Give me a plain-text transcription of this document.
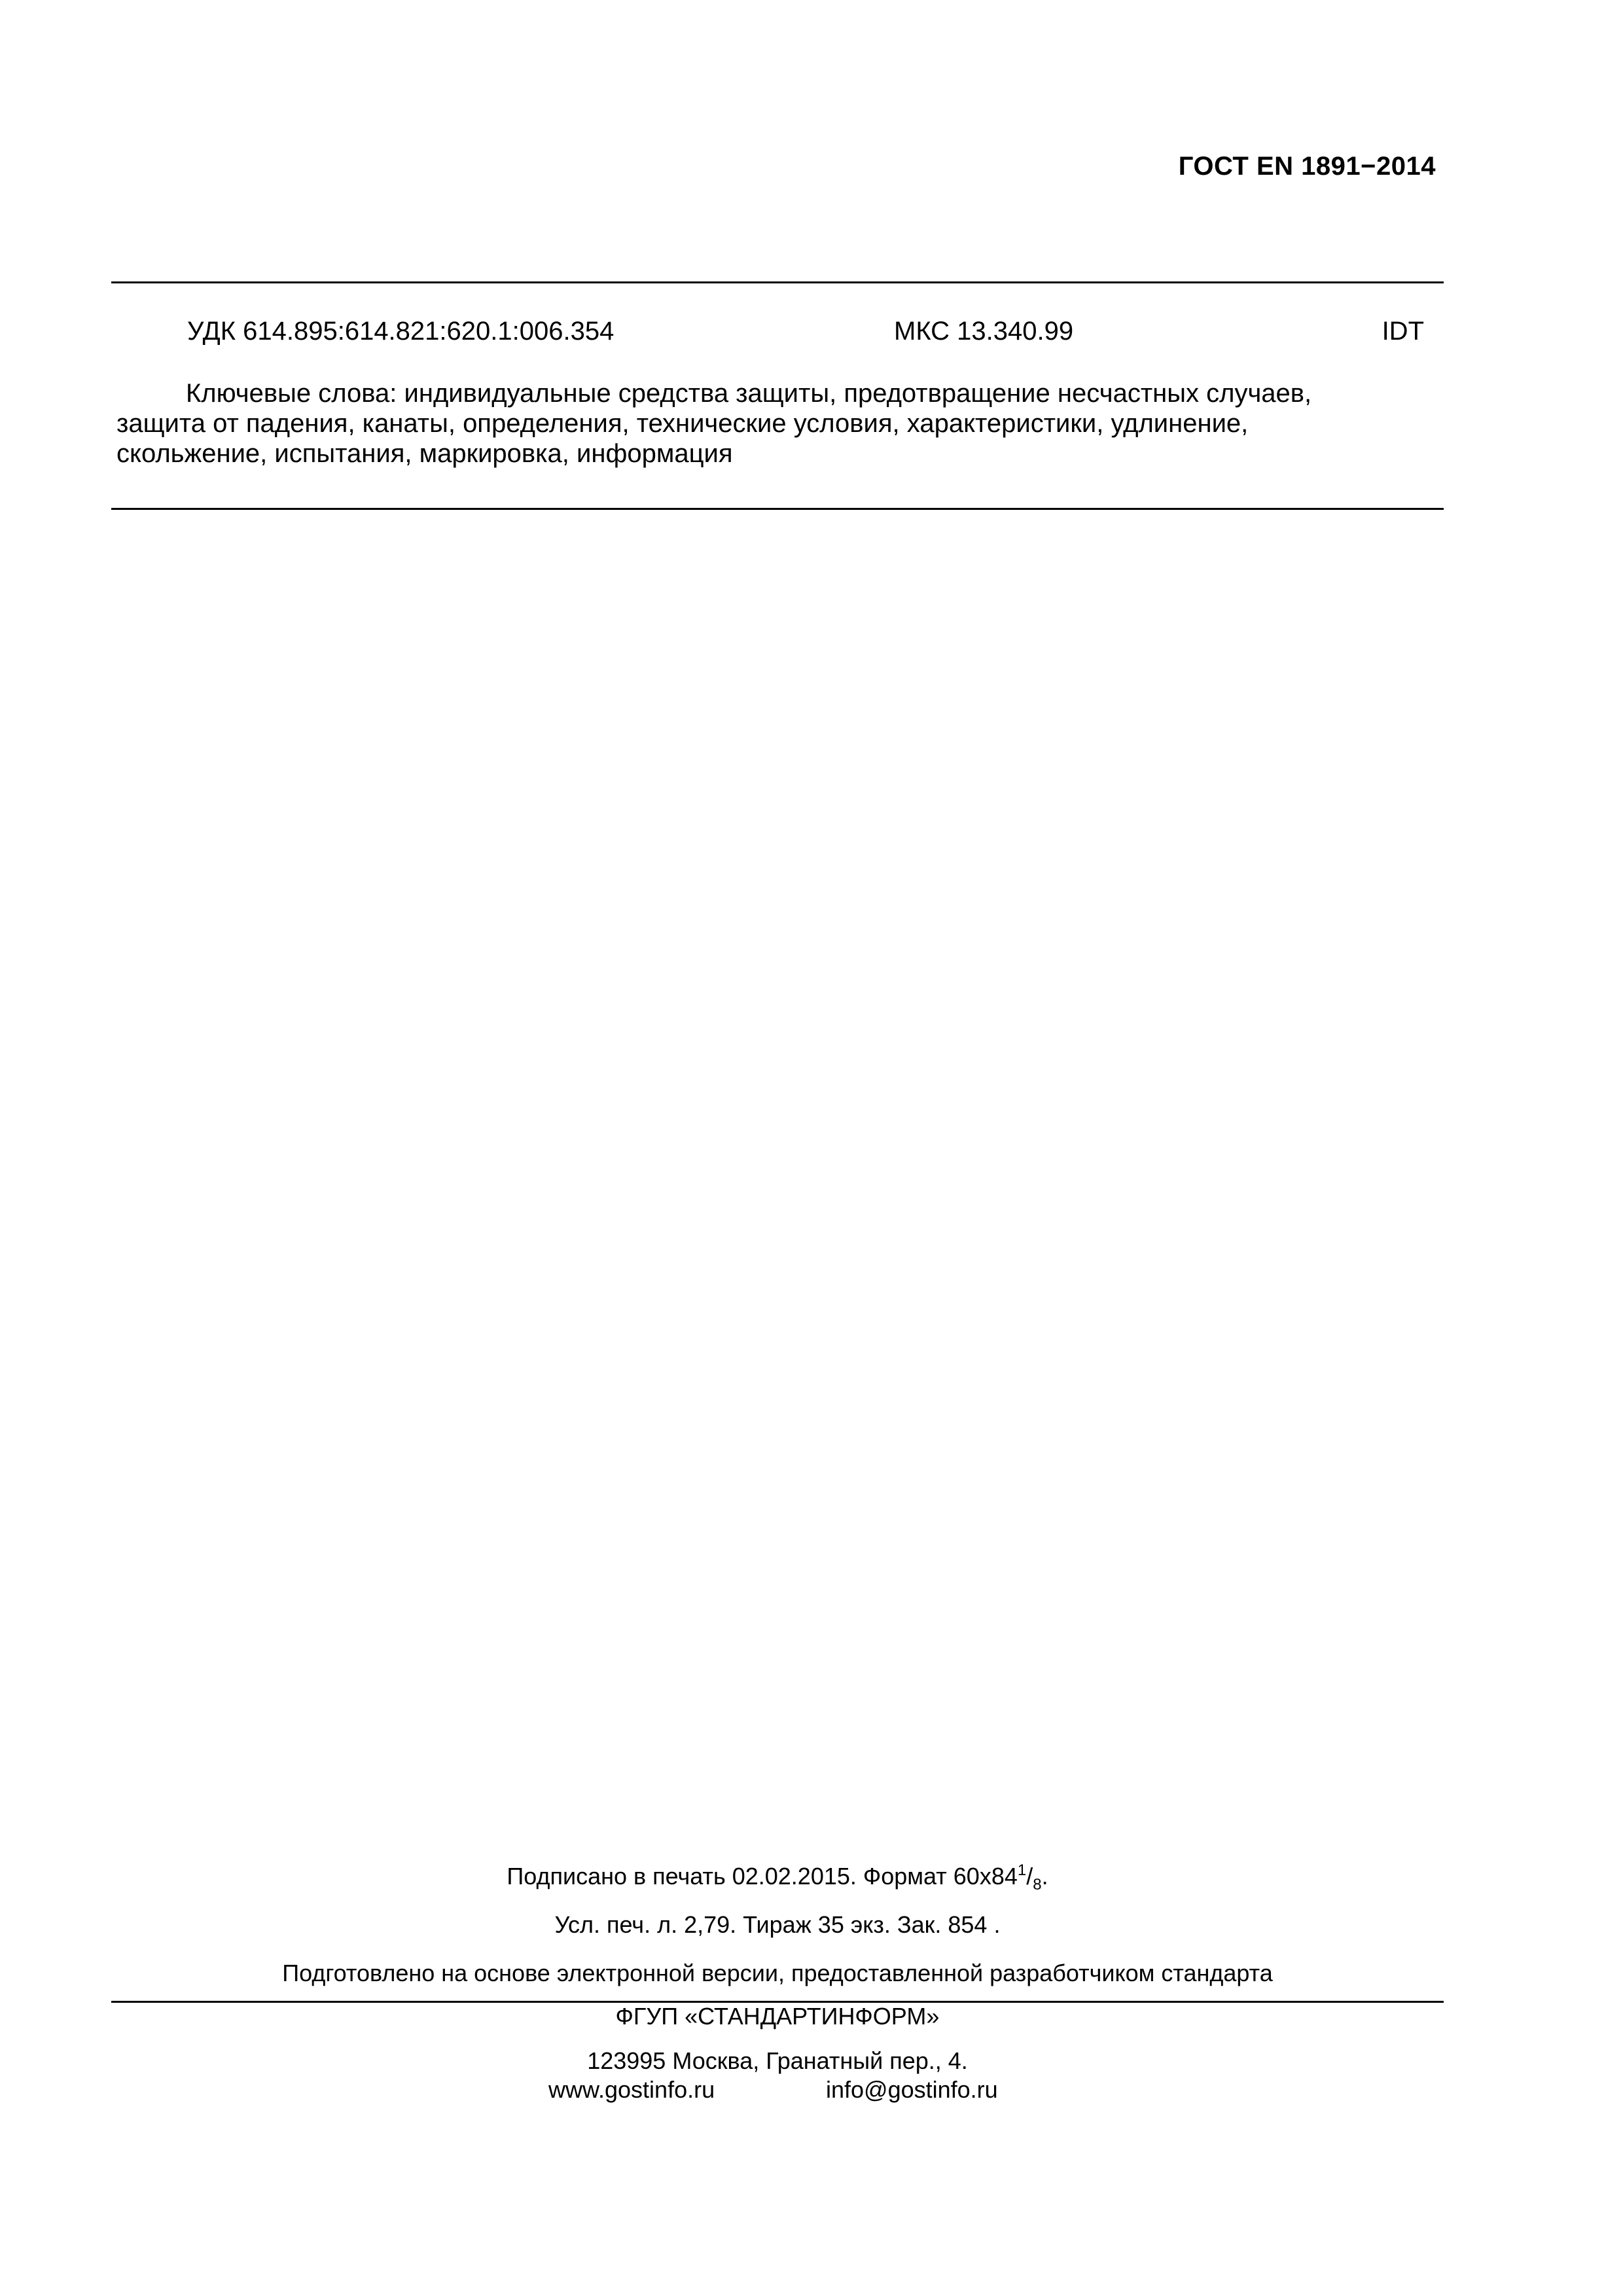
ГОСТ EN 1891−2014
УДК 614.895:614.821:620.1:006.354	МКС 13.340.99	IDT
Ключевые слова: индивидуальные средства защиты, предотвращение несчастных случаев,
защита от падения, канаты, определения, технические условия, характеристики, удлинение,
скольжение, испытания, маркировка, информация
Подписано в печать 02.02.2015. Формат $60х84^1/_8$.
Усл. печ. л. 2,79. Тираж 35 экз. Зак. 854 .
Подготовлено на основе электронной версии, предоставленной разработчиком стандарта
ФГУП «СТАНДАРТИНФОРМ»
123995 Москва, Гранатный пер., 4.
www.gostinfo.ru	info@gostinfo.ru
